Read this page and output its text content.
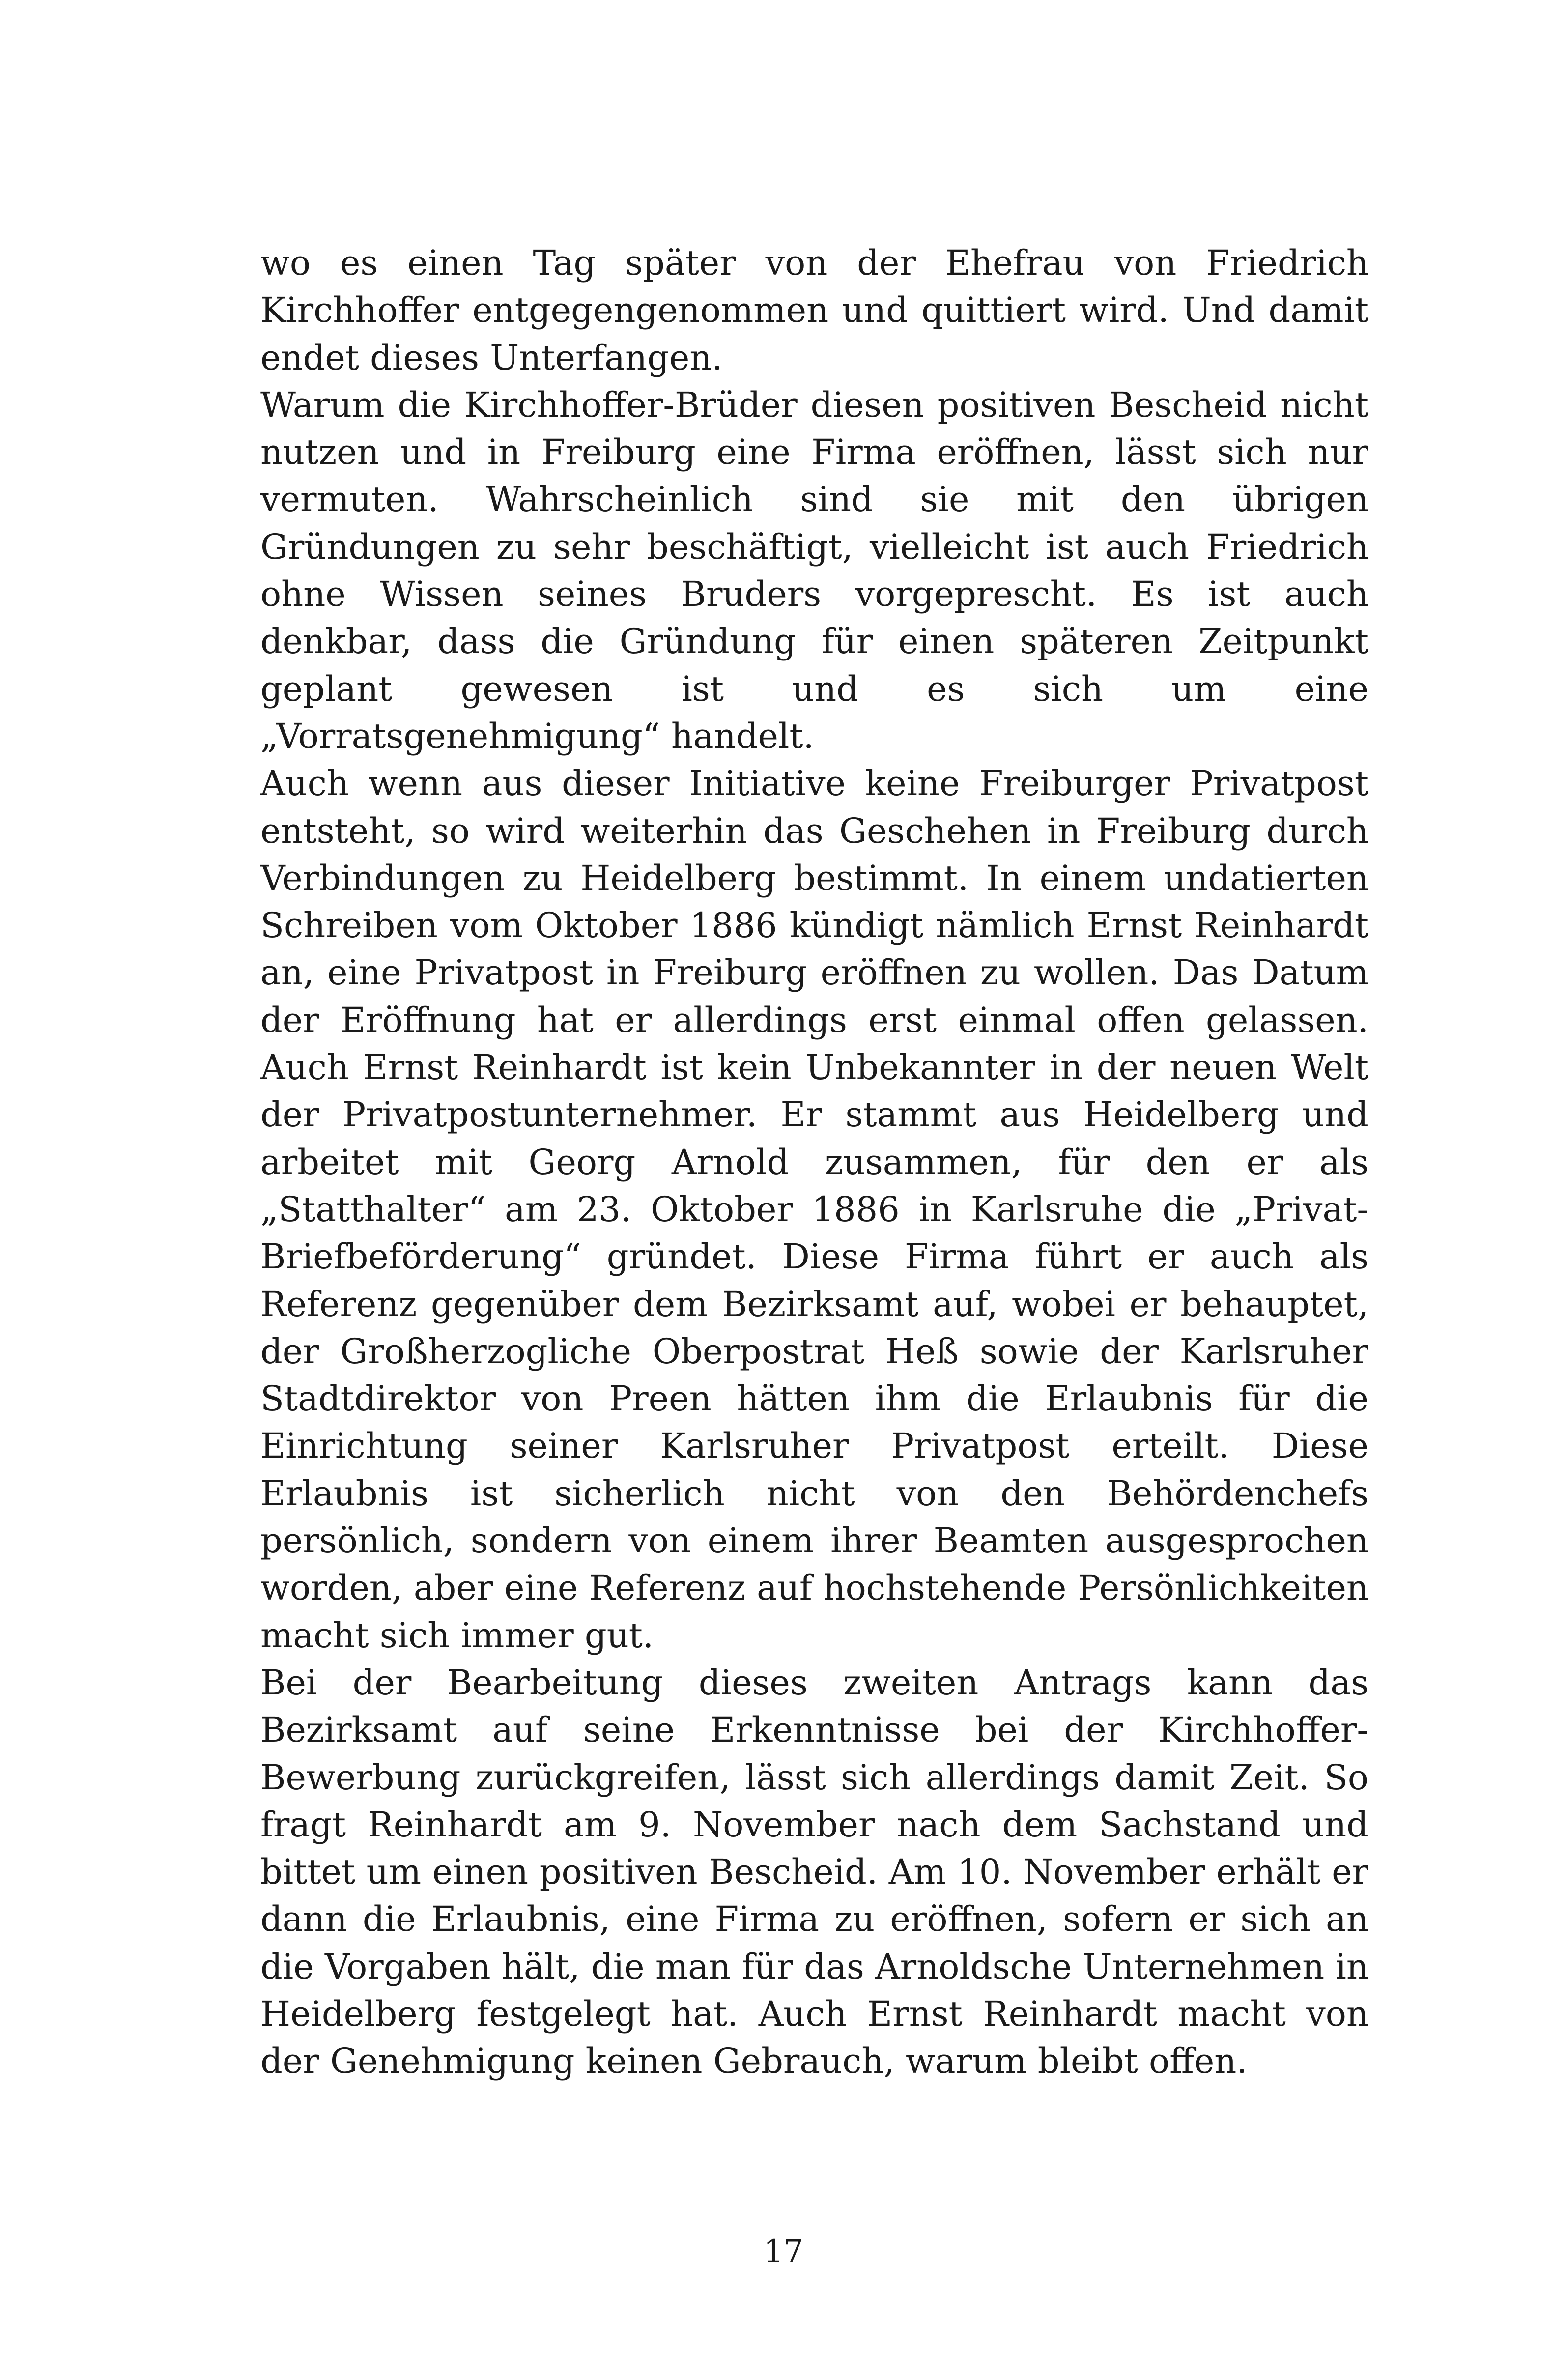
wo es einen Tag später von der Ehefrau von Friedrich Kirchhoffer entgegengenommen und quittiert wird. Und damit endet dieses Unterfangen.

Warum die Kirchhoffer-Brüder diesen positiven Bescheid nicht nutzen und in Freiburg eine Firma eröffnen, lässt sich nur vermuten. Wahrscheinlich sind sie mit den übrigen Gründungen zu sehr beschäftigt, vielleicht ist auch Friedrich ohne Wissen seines Bruders vorgeprescht. Es ist auch denkbar, dass die Gründung für einen späteren Zeitpunkt geplant gewesen ist und es sich um eine „Vorratsgenehmigung“ handelt.

Auch wenn aus dieser Initiative keine Freiburger Privatpost entsteht, so wird weiterhin das Geschehen in Freiburg durch Verbindungen zu Heidelberg bestimmt. In einem undatierten Schreiben vom Oktober 1886 kündigt nämlich Ernst Reinhardt an, eine Privatpost in Freiburg eröffnen zu wollen. Das Datum der Eröffnung hat er allerdings erst einmal offen gelassen. Auch Ernst Reinhardt ist kein Unbekannter in der neuen Welt der Privatpostunternehmer. Er stammt aus Heidelberg und arbeitet mit Georg Arnold zusammen, für den er als „Statthalter“ am 23. Oktober 1886 in Karlsruhe die „Privat-Briefbeförderung“ gründet. Diese Firma führt er auch als Referenz gegenüber dem Bezirksamt auf, wobei er behauptet, der Großherzogliche Oberpostrat Heß sowie der Karlsruher Stadtdirektor von Preen hätten ihm die Erlaubnis für die Einrichtung seiner Karlsruher Privatpost erteilt. Diese Erlaubnis ist sicherlich nicht von den Behördenchefs persönlich, sondern von einem ihrer Beamten ausgesprochen worden, aber eine Referenz auf hochstehende Persönlichkeiten macht sich immer gut.

Bei der Bearbeitung dieses zweiten Antrags kann das Bezirksamt auf seine Erkenntnisse bei der Kirchhoffer-Bewerbung zurückgreifen, lässt sich allerdings damit Zeit. So fragt Reinhardt am 9. November nach dem Sachstand und bittet um einen positiven Bescheid. Am 10. November erhält er dann die Erlaubnis, eine Firma zu eröffnen, sofern er sich an die Vorgaben hält, die man für das Arnoldsche Unternehmen in Heidelberg festgelegt hat. Auch Ernst Reinhardt macht von der Genehmigung keinen Gebrauch, warum bleibt offen.

17
